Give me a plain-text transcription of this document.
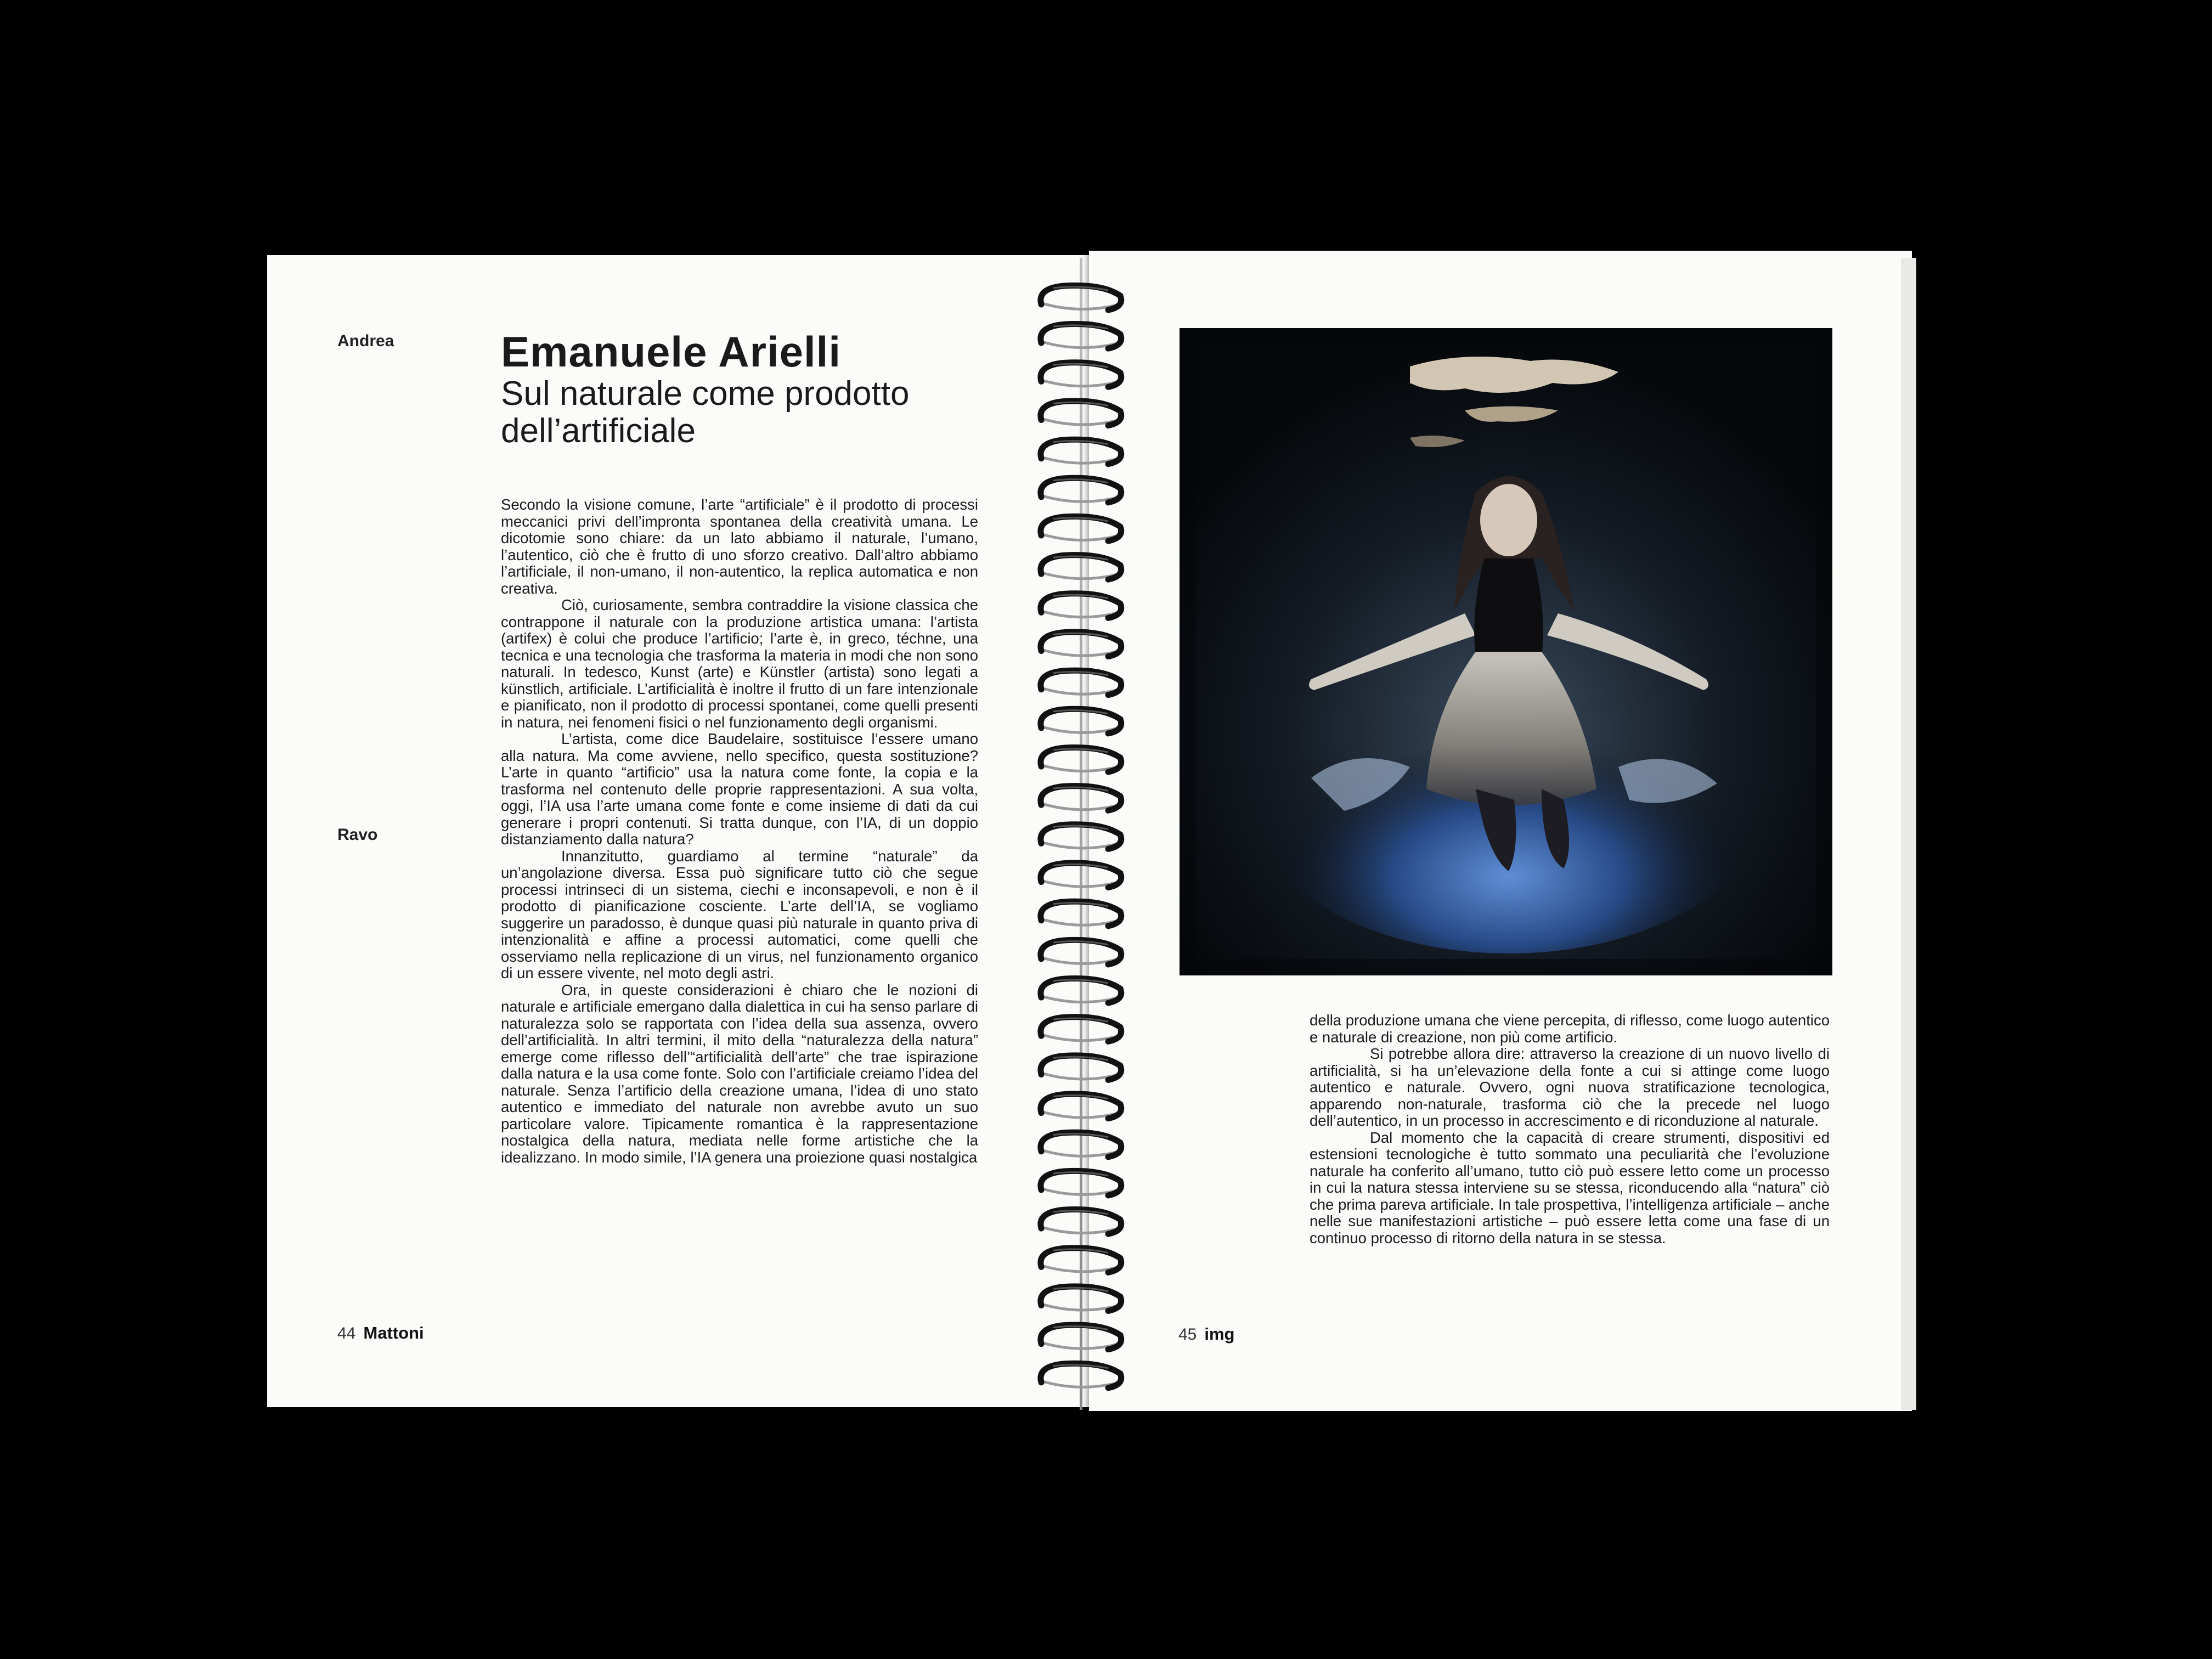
Andrea
Ravo
Emanuele Arielli
Sul naturale come prodotto dell’artificiale

Secondo la visione comune, l’arte “artificiale” è il prodotto di processi meccanici privi dell’impronta spontanea della creatività umana. Le dicotomie sono chiare: da un lato abbiamo il naturale, l’umano, l’autentico, ciò che è frutto di uno sforzo creativo. Dall’altro abbiamo l’artificiale, il non-umano, il non-autentico, la replica automatica e non creativa.

Ciò, curiosamente, sembra contraddire la visione classica che contrappone il naturale con la produzione artistica umana: l’artista (artifex) è colui che produce l’artificio; l’arte è, in greco, téchne, una tecnica e una tecnologia che trasforma la materia in modi che non sono naturali. In tedesco, Kunst (arte) e Künstler (artista) sono legati a künstlich, artificiale. L’artificialità è inoltre il frutto di un fare intenzionale e pianificato, non il prodotto di processi spontanei, come quelli presenti in natura, nei fenomeni fisici o nel funzionamento degli organismi.

L’artista, come dice Baudelaire, sostituisce l’essere umano alla natura. Ma come avviene, nello specifico, questa sostituzione? L’arte in quanto “artificio” usa la natura come fonte, la copia e la trasforma nel contenuto delle proprie rappresentazioni. A sua volta, oggi, l’IA usa l’arte umana come fonte e come insieme di dati da cui generare i propri contenuti. Si tratta dunque, con l’IA, di un doppio distanziamento dalla natura?

Innanzitutto, guardiamo al termine “naturale” da un’angolazione diversa. Essa può significare tutto ciò che segue processi intrinseci di un sistema, ciechi e inconsapevoli, e non è il prodotto di pianificazione cosciente. L’arte dell’IA, se vogliamo suggerire un paradosso, è dunque quasi più naturale in quanto priva di intenzionalità e affine a processi automatici, come quelli che osserviamo nella replicazione di un virus, nel funzionamento organico di un essere vivente, nel moto degli astri.

Ora, in queste considerazioni è chiaro che le nozioni di naturale e artificiale emergano dalla dialettica in cui ha senso parlare di naturalezza solo se rapportata con l’idea della sua assenza, ovvero dell’artificialità. In altri termini, il mito della “naturalezza della natura” emerge come riflesso dell’“artificialità dell’arte” che trae ispirazione dalla natura e la usa come fonte. Solo con l’artificiale creiamo l’idea del naturale. Senza l’artificio della creazione umana, l’idea di uno stato autentico e immediato del naturale non avrebbe avuto un suo particolare valore. Tipicamente romantica è la rappresentazione nostalgica della natura, mediata nelle forme artistiche che la idealizzano. In modo simile, l’IA genera una proiezione quasi nostalgica

44 Mattoni

della produzione umana che viene percepita, di riflesso, come luogo autentico e naturale di creazione, non più come artificio.

Si potrebbe allora dire: attraverso la creazione di un nuovo livello di artificialità, si ha un’elevazione della fonte a cui si attinge come luogo autentico e naturale. Ovvero, ogni nuova stratificazione tecnologica, apparendo non-naturale, trasforma ciò che la precede nel luogo dell’autentico, in un processo in accrescimento e di riconduzione al naturale.

Dal momento che la capacità di creare strumenti, dispositivi ed estensioni tecnologiche è tutto sommato una peculiarità che l’evoluzione naturale ha conferito all’umano, tutto ciò può essere letto come un processo in cui la natura stessa interviene su se stessa, riconducendo alla “natura” ciò che prima pareva artificiale. In tale prospettiva, l’intelligenza artificiale – anche nelle sue manifestazioni artistiche – può essere letta come una fase di un continuo processo di ritorno della natura in se stessa.

45 img
